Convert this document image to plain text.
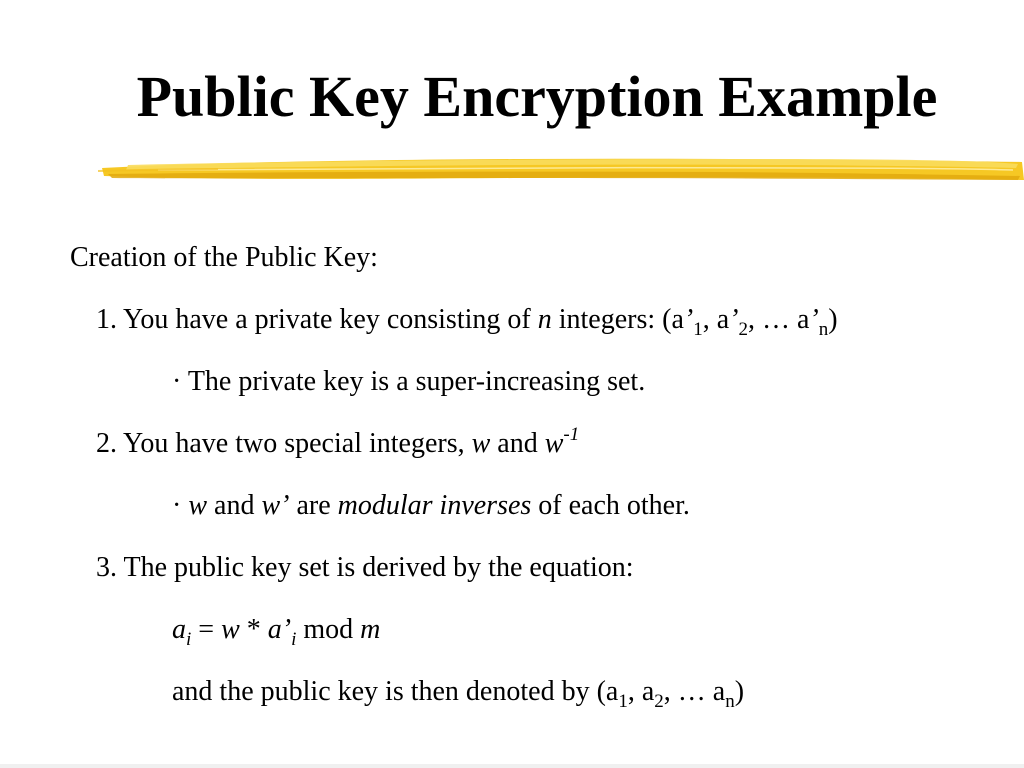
Public Key Encryption Example
Creation of the Public Key:
1. You have a private key consisting of n integers: ($a’_1$, $a’_2$, … $a’_n$)
· The private key is a super-increasing set.
2. You have two special integers, w and $w^{-1}$
· w and w’ are modular inverses of each other.
3. The public key set is derived by the equation:
$a_i = w$ * $a’_i$ mod m
and the public key is then denoted by ($a_1$, $a_2$, … $a_n$)
